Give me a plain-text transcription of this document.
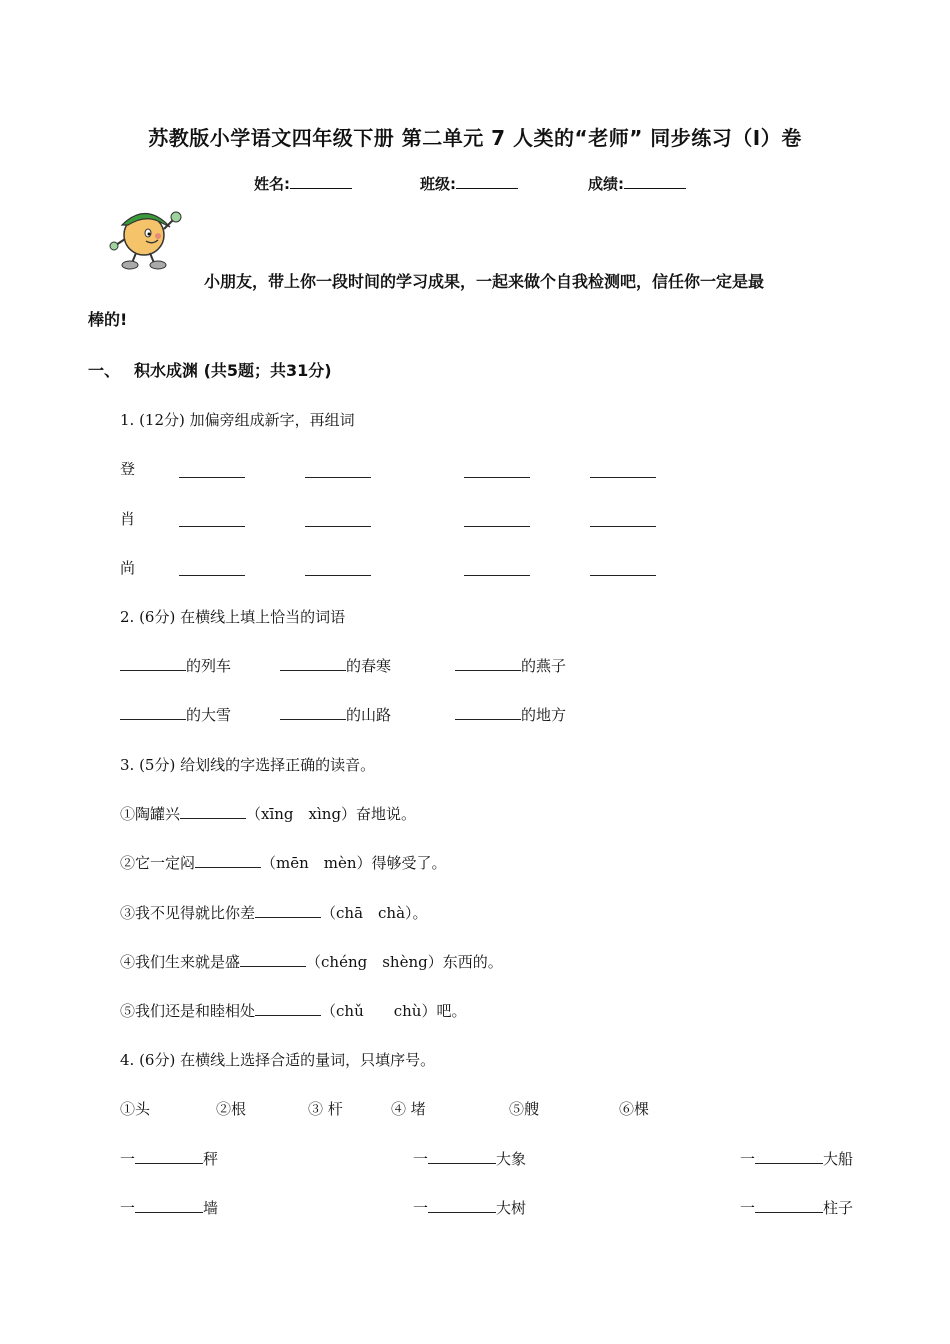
苏教版小学语文四年级下册 第二单元 7 人类的“老师” 同步练习（I）卷
姓名:	班级:	成绩:
小朋友，带上你一段时间的学习成果，一起来做个自我检测吧，信任你一定是最
棒的!
一、 积水成渊 (共5题；共31分)
1. (12分) 加偏旁组成新字，再组词
登
肖
尚
2. (6分) 在横线上填上恰当的词语
的列车	的春寒	的燕子
的大雪	的山路	的地方
3. (5分) 给划线的字选择正确的读音。
①陶罐兴	（xīng　xìng）奋地说。
②它一定闷	（mēn　mèn）得够受了。
③我不见得就比你差	（chā　chà）。
④我们生来就是盛	（chéng　shèng）东西的。
⑤我们还是和睦相处	（chǔ　　chù）吧。
4. (6分) 在横线上选择合适的量词，只填序号。
①头	②根	③ 杆	④ 堵	⑤艘	⑥棵
一	秤	一	大象	一	大船
一	墙	一	大树	一	柱子
